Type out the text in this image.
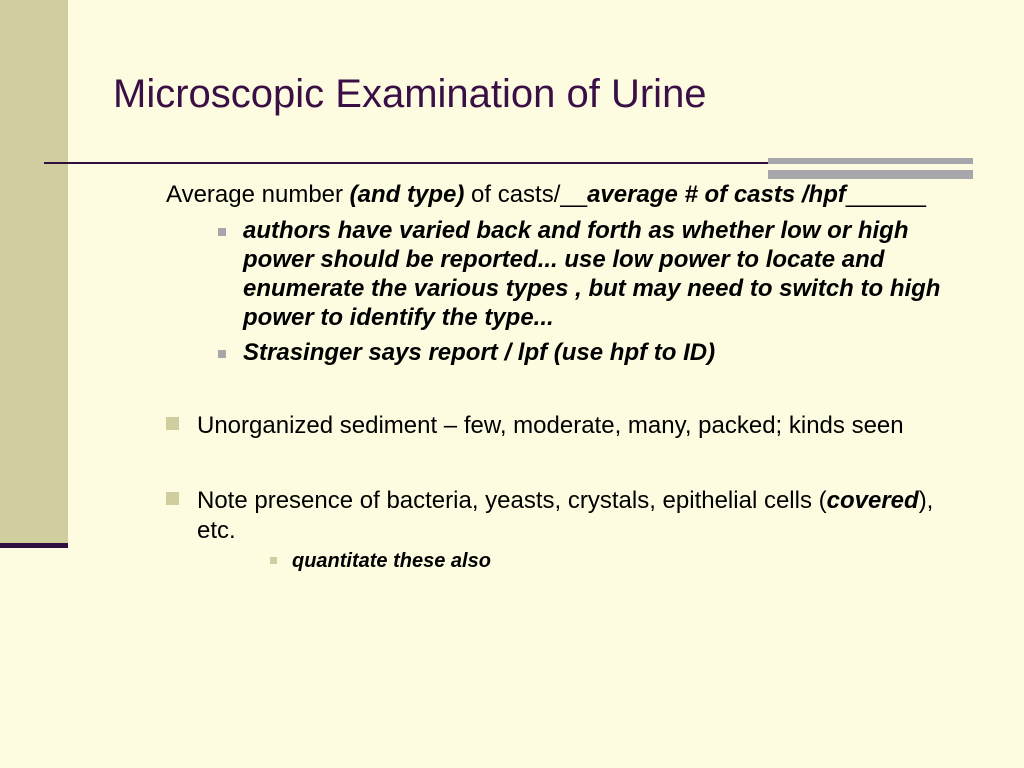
Microscopic Examination of Urine

Average number (and type) of casts/__average # of casts /hpf______

authors have varied back and forth as whether low or high power should be reported... use low power to locate and enumerate the various types , but may need to switch to high power to identify the type...

Strasinger says report / lpf (use hpf to ID)

Unorganized sediment – few, moderate, many, packed; kinds seen

Note presence of bacteria, yeasts, crystals, epithelial cells (covered), etc.

quantitate these also
